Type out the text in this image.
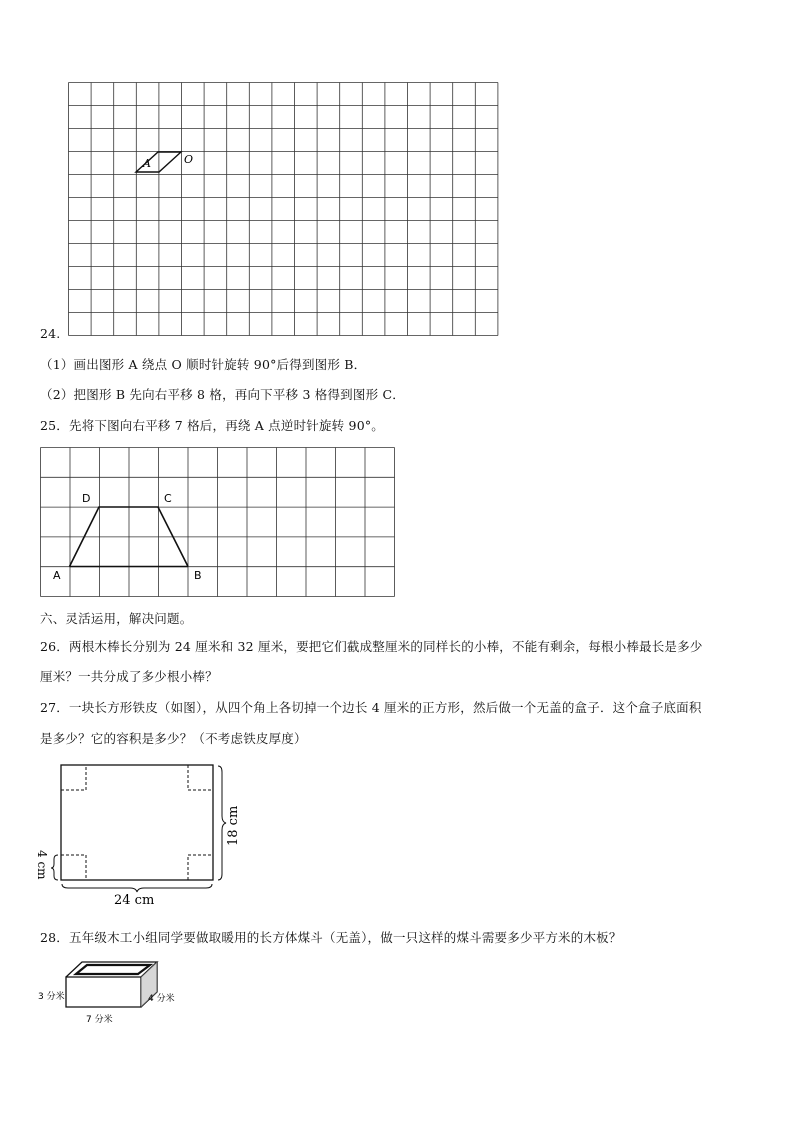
A	O
24.
（1）画出图形 A 绕点 O 顺时针旋转 90°后得到图形 B．
（2）把图形 B 先向右平移 8 格，再向下平移 3 格得到图形 C．
25．先将下图向右平移 7 格后，再绕 A 点逆时针旋转 90°。
D	C
A	B
六、灵活运用，解决问题。
26．两根木棒长分别为 24 厘米和 32 厘米，要把它们截成整厘米的同样长的小棒，不能有剩余，每根小棒最长是多少
厘米？一共分成了多少根小棒？
27．一块长方形铁皮（如图），从四个角上各切掉一个边长 4 厘米的正方形，然后做一个无盖的盒子．这个盒子底面积
是多少？它的容积是多少？（不考虑铁皮厚度）
18 cm
24 cm
4 cm
28．五年级木工小组同学要做取暖用的长方体煤斗（无盖），做一只这样的煤斗需要多少平方米的木板？
3 分米	4 分米
7 分米
